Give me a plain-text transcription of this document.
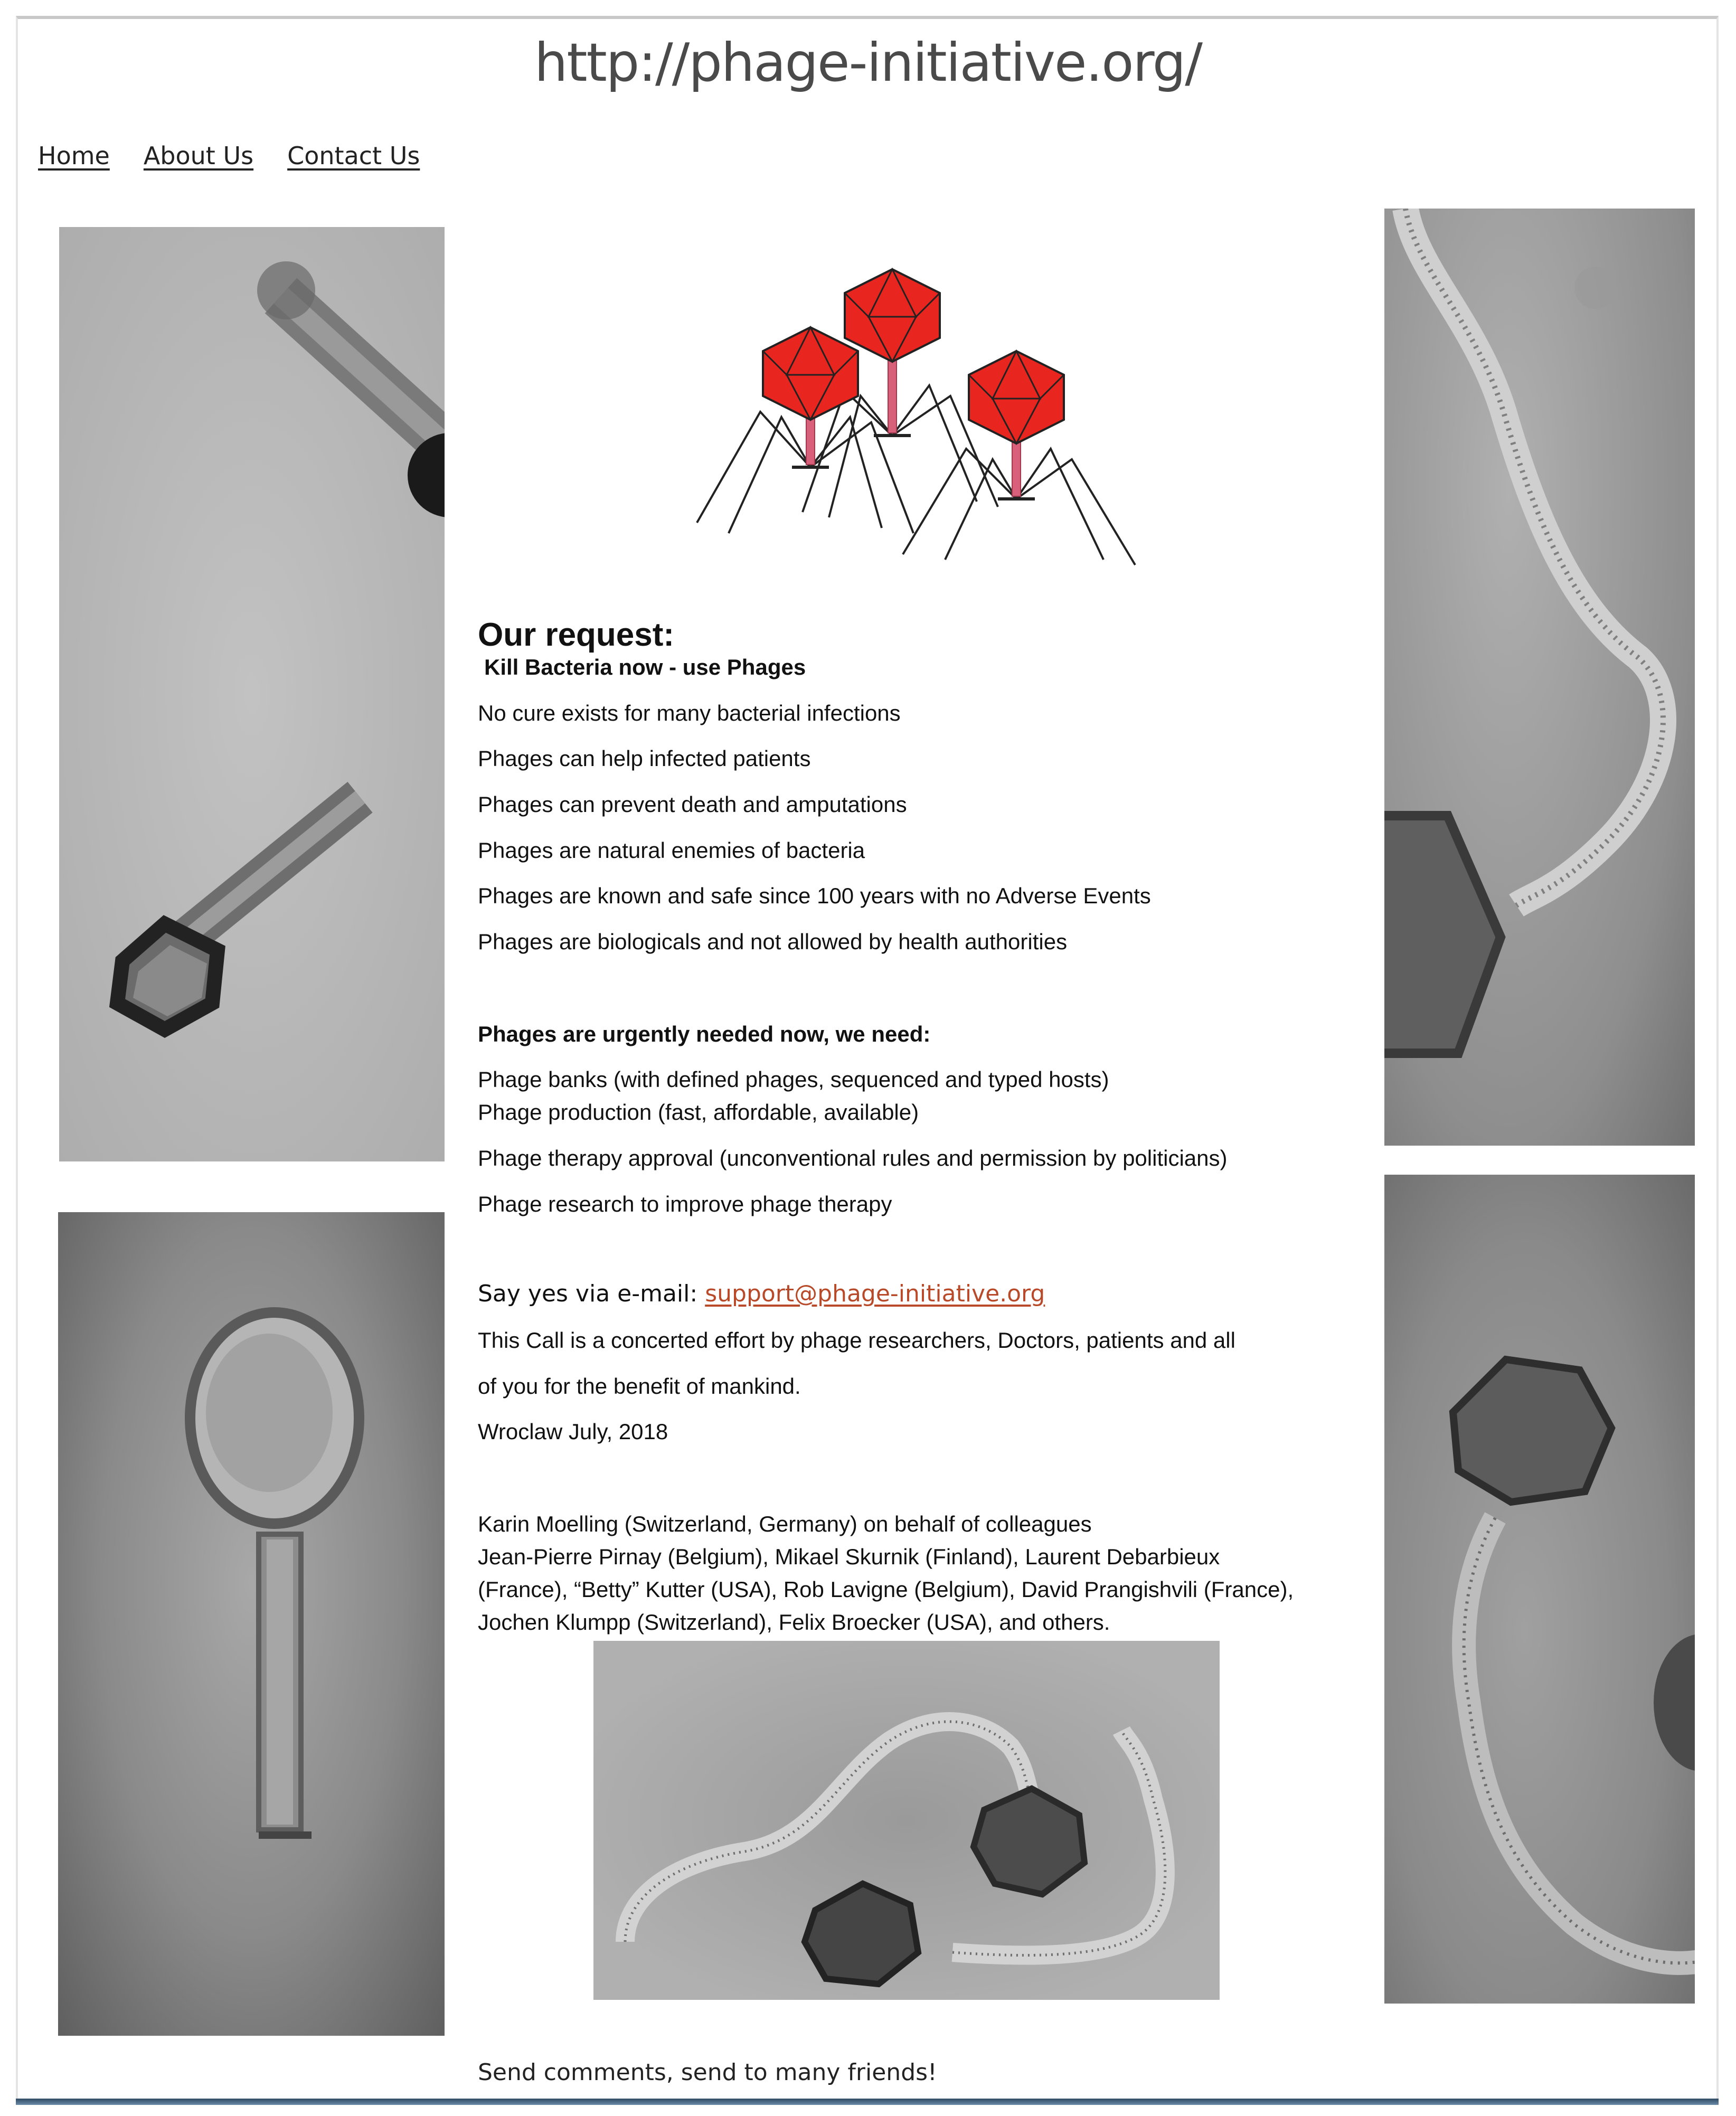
http://phage-initiative.org/
Home About Us Contact Us
Our request:

Kill Bacteria now - use Phages

No cure exists for many bacterial infections

Phages can help infected patients

Phages can prevent death and amputations

Phages are natural enemies of bacteria

Phages are known and safe since 100 years with no Adverse Events

Phages are biologicals and not allowed by health authorities

Phages are urgently needed now, we need:

Phage banks (with defined phages, sequenced and typed hosts)

Phage production (fast, affordable, available)

Phage therapy approval (unconventional rules and permission by politicians)

Phage research to improve phage therapy

Say yes via e-mail: support@phage-initiative.org

This Call is a concerted effort by phage researchers, Doctors, patients and all

of you for the benefit of mankind.

Wroclaw July, 2018

Karin Moelling (Switzerland, Germany) on behalf of colleagues

Jean-Pierre Pirnay (Belgium), Mikael Skurnik (Finland), Laurent Debarbieux

(France), “Betty” Kutter (USA), Rob Lavigne (Belgium), David Prangishvili (France),

Jochen Klumpp (Switzerland), Felix Broecker (USA), and others.

Send comments, send to many friends!
